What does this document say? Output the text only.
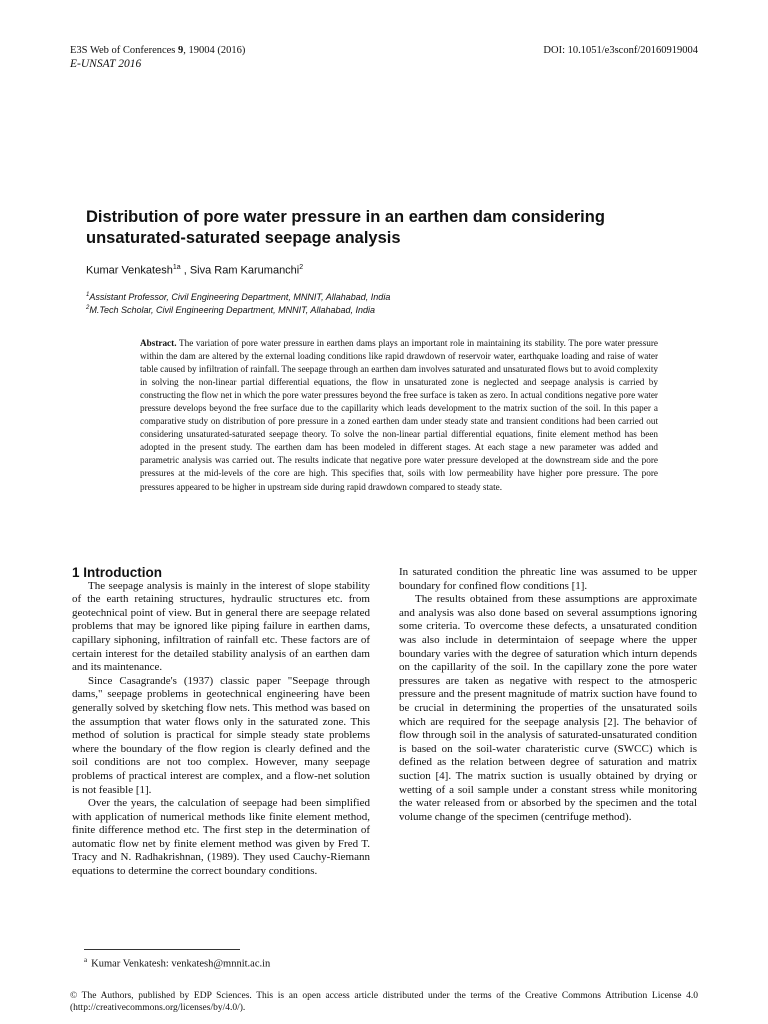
E3S Web of Conferences 9, 19004 (2016)	DOI: 10.1051/e3sconf/20160919004
E-UNSAT 2016
Distribution of pore water pressure in an earthen dam considering unsaturated-saturated seepage analysis
Kumar Venkatesh$^{1a}$ , Siva Ram Karumanchi$^2$
$^1$Assistant Professor, Civil Engineering Department, MNNIT, Allahabad, India
$^2$M.Tech Scholar, Civil Engineering Department, MNNIT, Allahabad, India
Abstract. The variation of pore water pressure in earthen dams plays an important role in maintaining its stability. The pore water pressure within the dam are altered by the external loading conditions like rapid drawdown of reservoir water, earthquake loading and raise of water table caused by infiltration of rainfall. The seepage through an earthen dam involves saturated and unsaturated flows but to avoid complexity in solving the non-linear partial differential equations, the flow in unsaturated zone is neglected and seepage analysis is carried by constructing the flow net in which the pore water pressures beyond the free surface is taken as zero. In actual conditions negative pore water pressure develops beyond the free surface due to the capillarity which leads development to the matrix suction of the soil. In this paper a comparative study on distribution of pore pressure in a zoned earthen dam under steady state and transient conditions had been carried out considering unsaturated-saturated seepage theory. To solve the non-linear partial differential equations, finite element method has been adopted in the present study. The earthen dam has been modeled in different stages. At each stage a new parameter was added and parametric analysis was carried out. The results indicate that negative pore water pressure developed at the downstream side and the pore pressures at the mid-levels of the core are high. This specifies that, soils with low permeability have higher pore pressure. The pore pressures appeared to be higher in upstream side during rapid drawdown compared to steady state.

1 Introduction

The seepage analysis is mainly in the interest of slope stability of the earth retaining structures, hydraulic structures etc. from geotechnical point of view. But in general there are seepage related problems that may be ignored like piping failure in earthen dams, capillary siphoning, infiltration of rainfall etc. These factors are of certain interest for the detailed stability analysis of an earthen dam and its maintenance.

Since Casagrande's (1937) classic paper "Seepage through dams," seepage problems in geotechnical engineering have been generally solved by sketching flow nets. This method was based on the assumption that water flows only in the saturated zone. This method of solution is practical for simple steady state problems where the boundary of the flow region is clearly defined and the soil conditions are not too complex. However, many seepage problems of practical interest are complex, and a flow-net solution is not feasible [1].

Over the years, the calculation of seepage had been simplified with application of numerical methods like finite element method, finite difference method etc. The first step in the determination of automatic flow net by finite element method was given by Fred T. Tracy and N. Radhakrishnan, (1989). They used Cauchy-Riemann equations to determine the correct boundary conditions.

In saturated condition the phreatic line was assumed to be upper boundary for confined flow conditions [1].

The results obtained from these assumptions are approximate and analysis was also done based on several assumptions ignoring some criteria. To overcome these defects, a unsaturated condition was also include in determintaion of seepage where the upper boundary varies with the degree of saturation which inturn depends on the capillarity of the soil. In the capillary zone the pore water pressures are taken as negative with respect to the atmosperic pressure and the present magnitude of matrix suction have found to be crucial in determining the properties of the unsaturated soils which are required for the seepage analysis [2]. The behavior of flow through soil in the analysis of saturated-unsaturated condition is based on the soil-water charateristic curve (SWCC) which is defined as the relation between degree of saturation and matrix suction [4]. The matrix suction is usually obtained by drying or wetting of a soil sample under a constant stress while monitoring the water released from or absorbed by the specimen and the total volume change of the specimen (centrifuge method).

$^a$ Kumar Venkatesh: venkatesh@mnnit.ac.in
© The Authors, published by EDP Sciences. This is an open access article distributed under the terms of the Creative Commons Attribution License 4.0 (http://creativecommons.org/licenses/by/4.0/).
